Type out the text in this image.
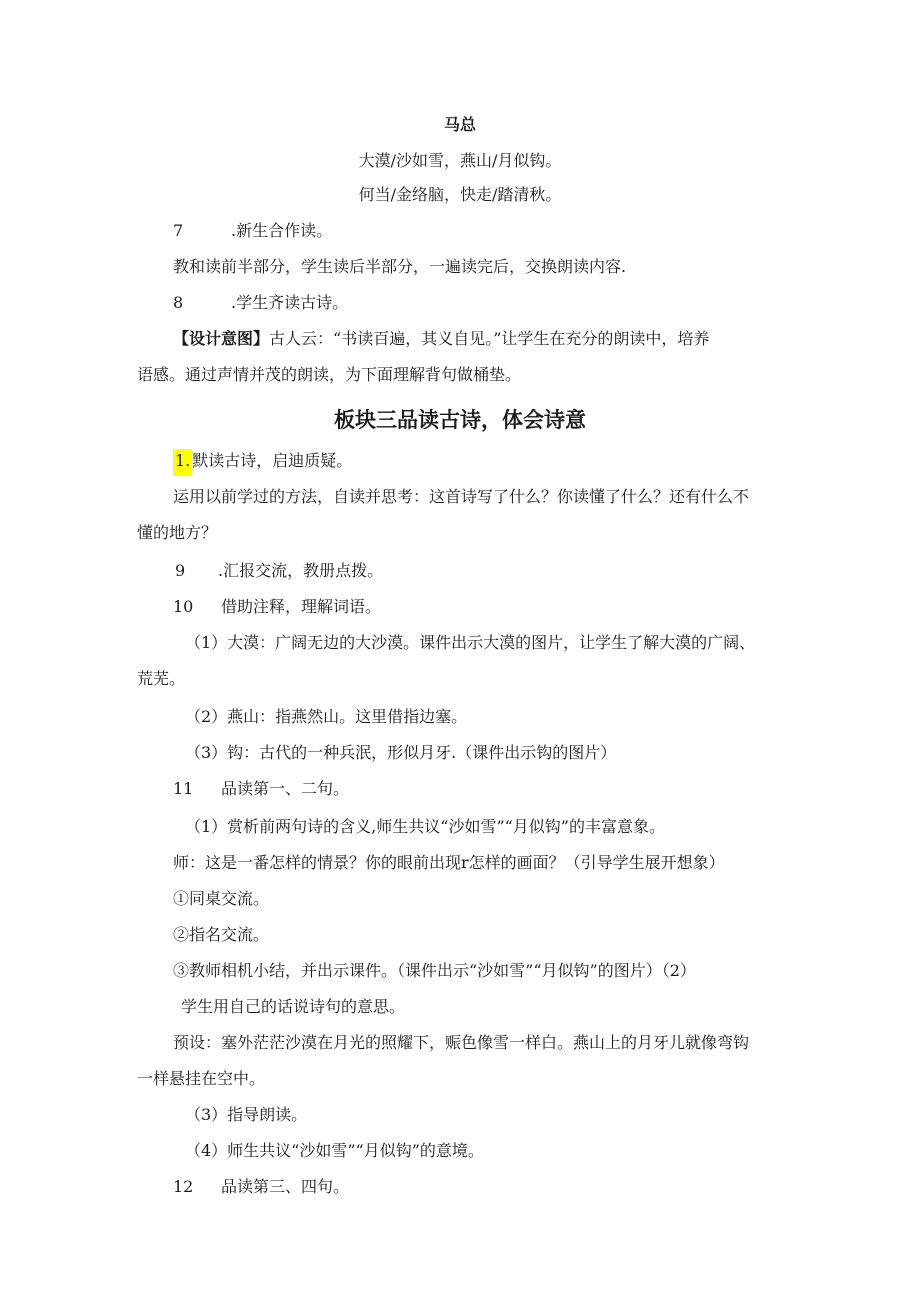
马总
大漠/沙如雪，燕山/月似钩。
何当/金络脑，快走/踏清秋。
7	.新生合作读。
教和读前半部分，学生读后半部分，一遍读完后，交换朗读内容.
8	.学生齐读古诗。
【设计意图】古人云：“书读百遍，其义自见。”让学生在充分的朗读中，培养
语感。通过声情并茂的朗读，为下面理解背句做桶垫。
板块三品读古诗，体会诗意
1. 默读古诗，启迪质疑。
运用以前学过的方法，自读并思考：这首诗写了什么？你读懂了什么？还有什么不
懂的地方？
9 .汇报交流，教册点拨。
10 借助注释，理解词语。
（1）大漠：广阔无边的大沙漠。课件出示大漠的图片，让学生了解大漠的广阔、
荒芜。
（2）燕山：指燕然山。这里借指边塞。
（3）钩：古代的一种兵泯，形似月牙.（课件出示钩的图片）
11 品读第一、二句。
（1）赏析前两句诗的含义,师生共议“沙如雪”“月似钩”的丰富意象。
师：这是一番怎样的情景？你的眼前出现r怎样的画面？（引导学生展开想象）
①同桌交流。
②指名交流。
③教师相机小结，并出示课件。（课件出示“沙如雪”“月似钩”的图片）（2）
学生用自己的话说诗句的意思。
预设：塞外茫茫沙漠在月光的照耀下，赈色像雪一样白。燕山上的月牙儿就像弯钩
一样悬挂在空中。
（3）指导朗读。
（4）师生共议“沙如雪”“月似钩”的意境。
12 品读第三、四句。
